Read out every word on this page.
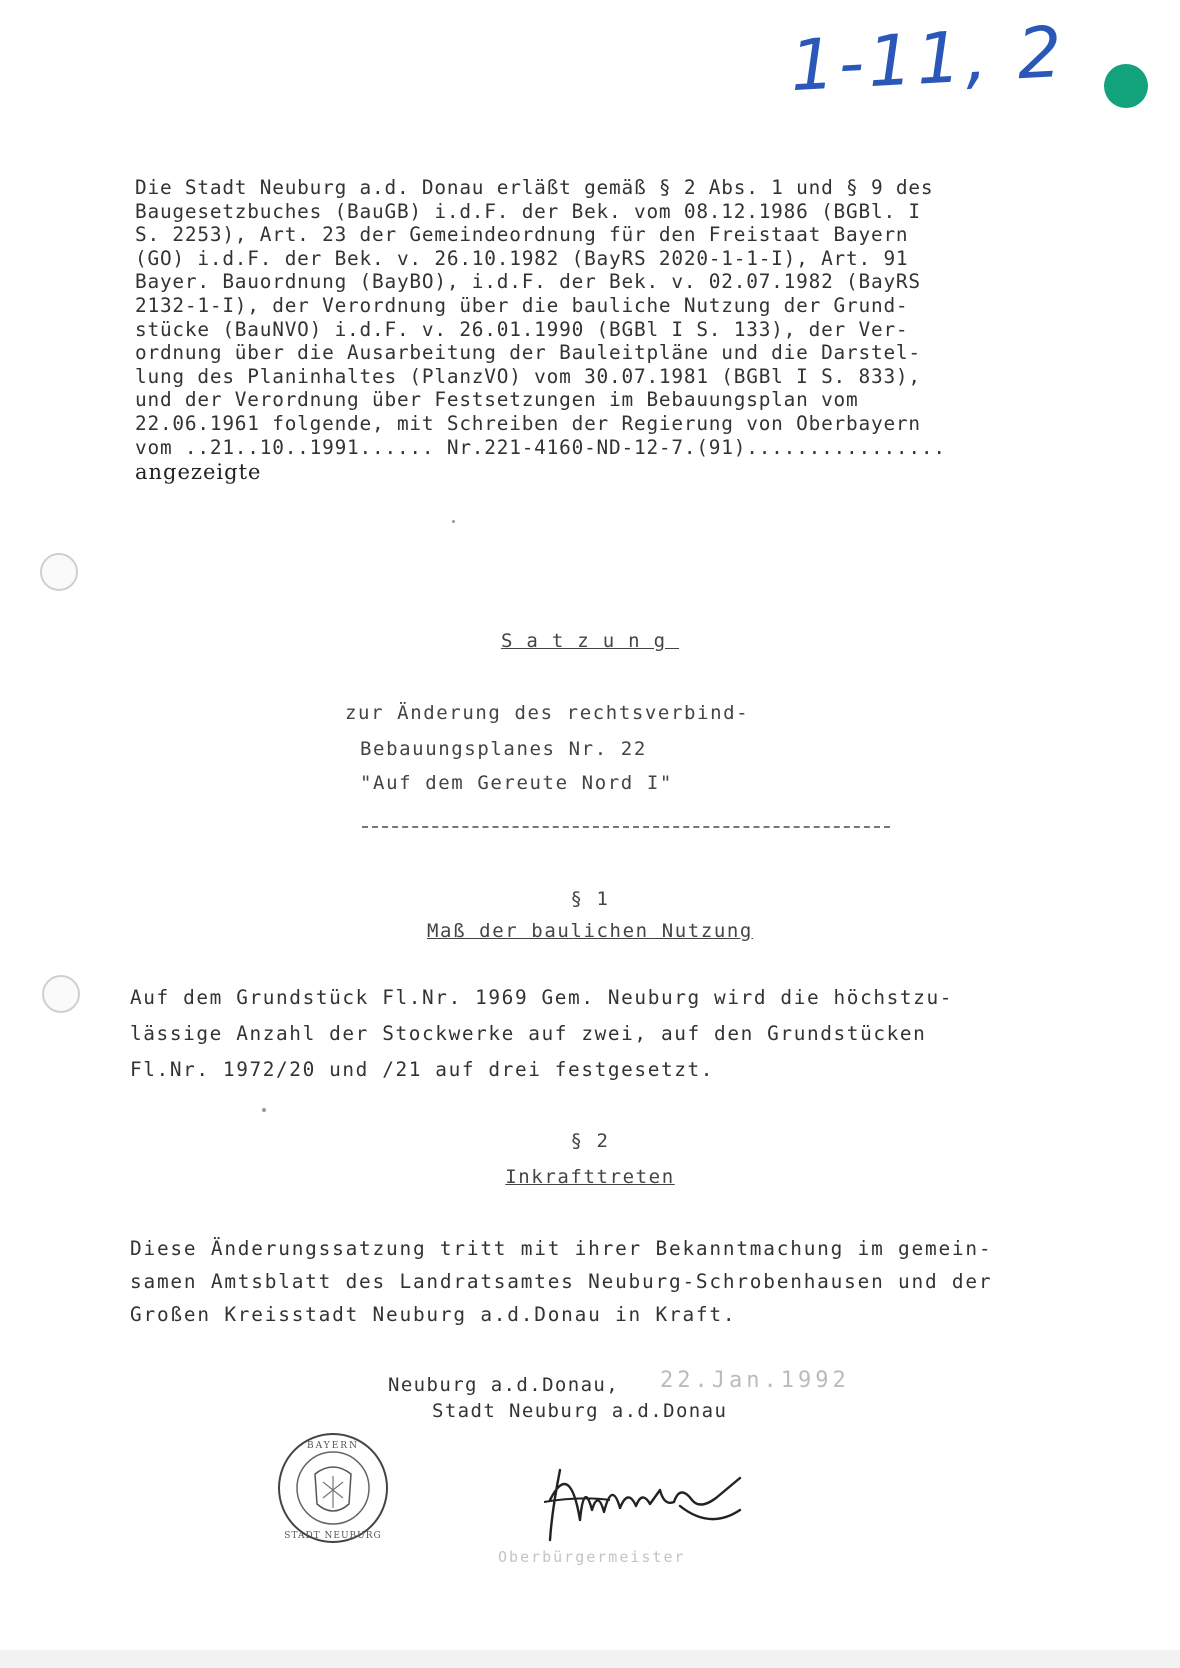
1-11, 2
Die Stadt Neuburg a.d. Donau erläßt gemäß § 2 Abs. 1 und § 9 des
Baugesetzbuches (BauGB) i.d.F. der Bek. vom 08.12.1986 (BGBl. I
S. 2253), Art. 23 der Gemeindeordnung für den Freistaat Bayern
(GO) i.d.F. der Bek. v. 26.10.1982 (BayRS 2020-1-1-I), Art. 91
Bayer. Bauordnung (BayBO), i.d.F. der Bek. v. 02.07.1982 (BayRS
2132-1-I), der Verordnung über die bauliche Nutzung der Grund-
stücke (BauNVO) i.d.F. v. 26.01.1990 (BGBl I S. 133), der Ver-
ordnung über die Ausarbeitung der Bauleitpläne und die Darstel-
lung des Planinhaltes (PlanzVO) vom 30.07.1981 (BGBl I S. 833),
und der Verordnung über Festsetzungen im Bebauungsplan vom
22.06.1961 folgende, mit Schreiben der Regierung von Oberbayern
vom ..21..10..1991...... Nr.221-4160-ND-12-7.(91)................
angezeigte
Satzung
zur Änderung des rechtsverbind-
Bebauungsplanes Nr. 22
"Auf dem Gereute Nord I"
§ 1
Maß der baulichen Nutzung
Auf dem Grundstück Fl.Nr. 1969 Gem. Neuburg wird die höchstzu-
lässige Anzahl der Stockwerke auf zwei, auf den Grundstücken
Fl.Nr. 1972/20 und /21 auf drei festgesetzt.
§ 2
Inkrafttreten
Diese Änderungssatzung tritt mit ihrer Bekanntmachung im gemein-
samen Amtsblatt des Landratsamtes Neuburg-Schrobenhausen und der
Großen Kreisstadt Neuburg a.d.Donau in Kraft.
Neuburg a.d.Donau, 22.Jan.1992
Stadt Neuburg a.d.Donau
BAYERN
STADT NEUBURG
Oberbürgermeister
